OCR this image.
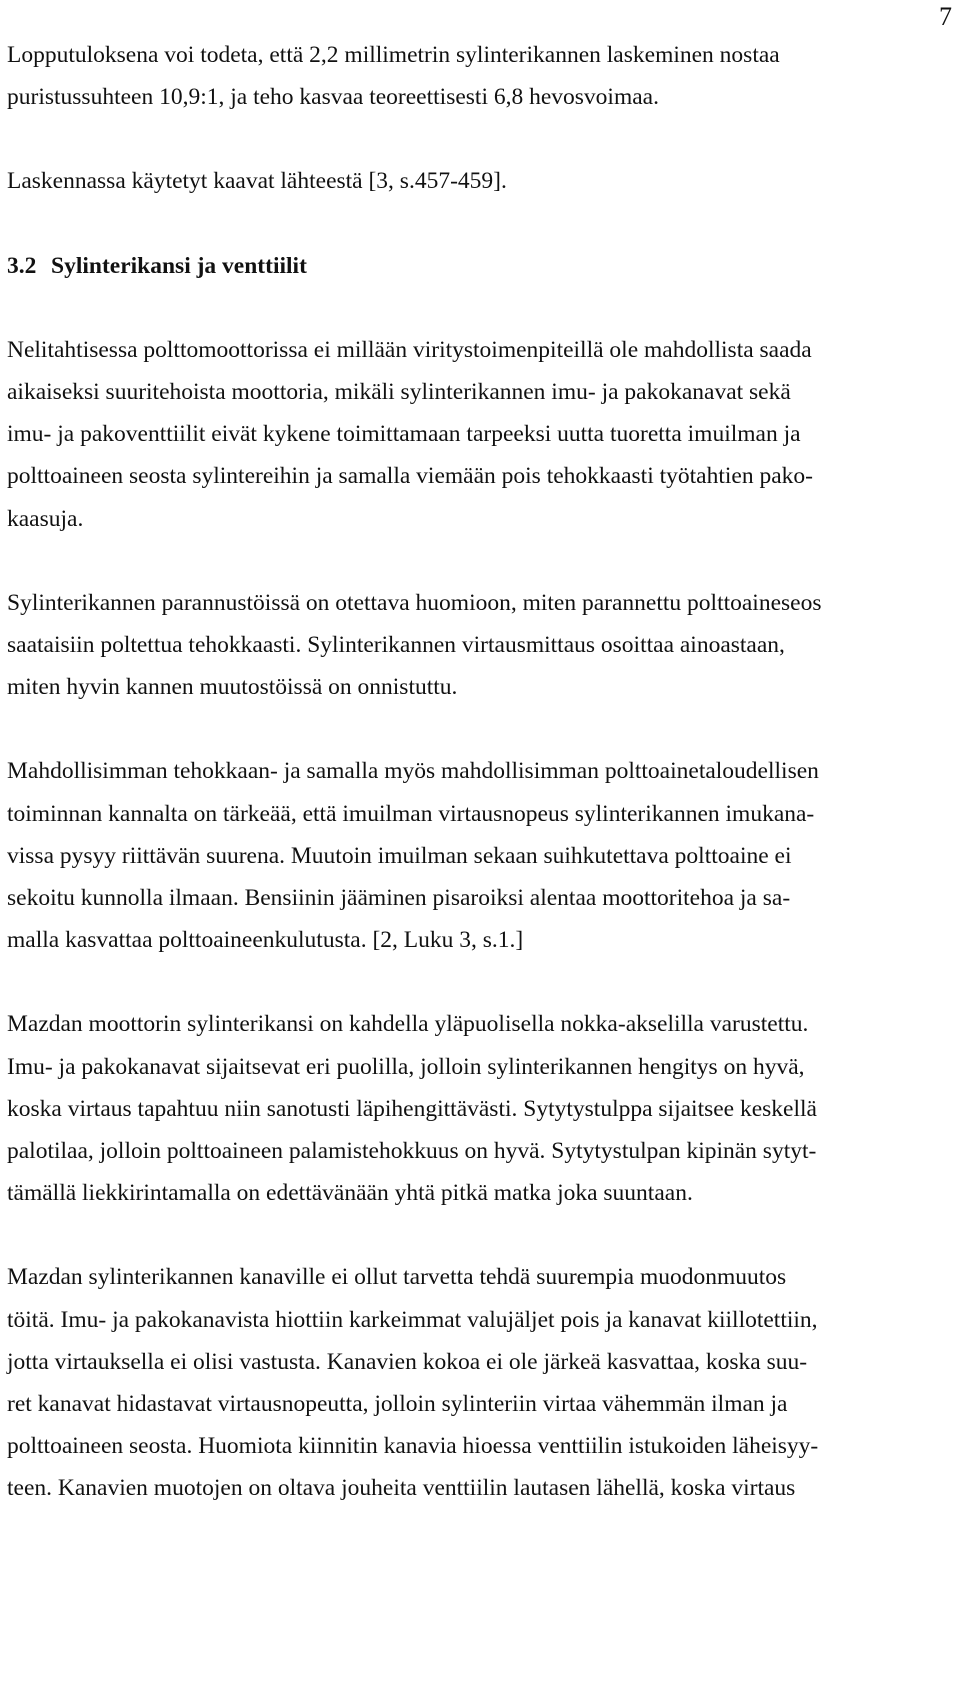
7

Lopputuloksena voi todeta, että 2,2 millimetrin sylinterikannen laskeminen nostaa
puristussuhteen 10,9:1, ja teho kasvaa teoreettisesti 6,8 hevosvoimaa.

Laskennassa käytetyt kaavat lähteestä [3, s.457-459].

3.2 Sylinterikansi ja venttiilit

Nelitahtisessa polttomoottorissa ei millään viritystoimenpiteillä ole mahdollista saada
aikaiseksi suuritehoista moottoria, mikäli sylinterikannen imu- ja pakokanavat sekä
imu- ja pakoventtiilit eivät kykene toimittamaan tarpeeksi uutta tuoretta imuilman ja
polttoaineen seosta sylintereihin ja samalla viemään pois tehokkaasti työtahtien pako-
kaasuja.

Sylinterikannen parannustöissä on otettava huomioon, miten parannettu polttoaineseos
saataisiin poltettua tehokkaasti. Sylinterikannen virtausmittaus osoittaa ainoastaan,
miten hyvin kannen muutostöissä on onnistuttu.

Mahdollisimman tehokkaan- ja samalla myös mahdollisimman polttoainetaloudellisen
toiminnan kannalta on tärkeää, että imuilman virtausnopeus sylinterikannen imukana-
vissa pysyy riittävän suurena. Muutoin imuilman sekaan suihkutettava polttoaine ei
sekoitu kunnolla ilmaan. Bensiinin jääminen pisaroiksi alentaa moottoritehoa ja sa-
malla kasvattaa polttoaineenkulutusta. [2, Luku 3, s.1.]

Mazdan moottorin sylinterikansi on kahdella yläpuolisella nokka-akselilla varustettu.
Imu- ja pakokanavat sijaitsevat eri puolilla, jolloin sylinterikannen hengitys on hyvä,
koska virtaus tapahtuu niin sanotusti läpihengittävästi. Sytytystulppa sijaitsee keskellä
palotilaa, jolloin polttoaineen palamistehokkuus on hyvä. Sytytystulpan kipinän sytyt-
tämällä liekkirintamalla on edettävänään yhtä pitkä matka joka suuntaan.

Mazdan sylinterikannen kanaville ei ollut tarvetta tehdä suurempia muodonmuutos
töitä. Imu- ja pakokanavista hiottiin karkeimmat valujäljet pois ja kanavat kiillotettiin,
jotta virtauksella ei olisi vastusta. Kanavien kokoa ei ole järkeä kasvattaa, koska suu-
ret kanavat hidastavat virtausnopeutta, jolloin sylinteriin virtaa vähemmän ilman ja
polttoaineen seosta. Huomiota kiinnitin kanavia hioessa venttiilin istukoiden läheisyy-
teen. Kanavien muotojen on oltava jouheita venttiilin lautasen lähellä, koska virtaus
